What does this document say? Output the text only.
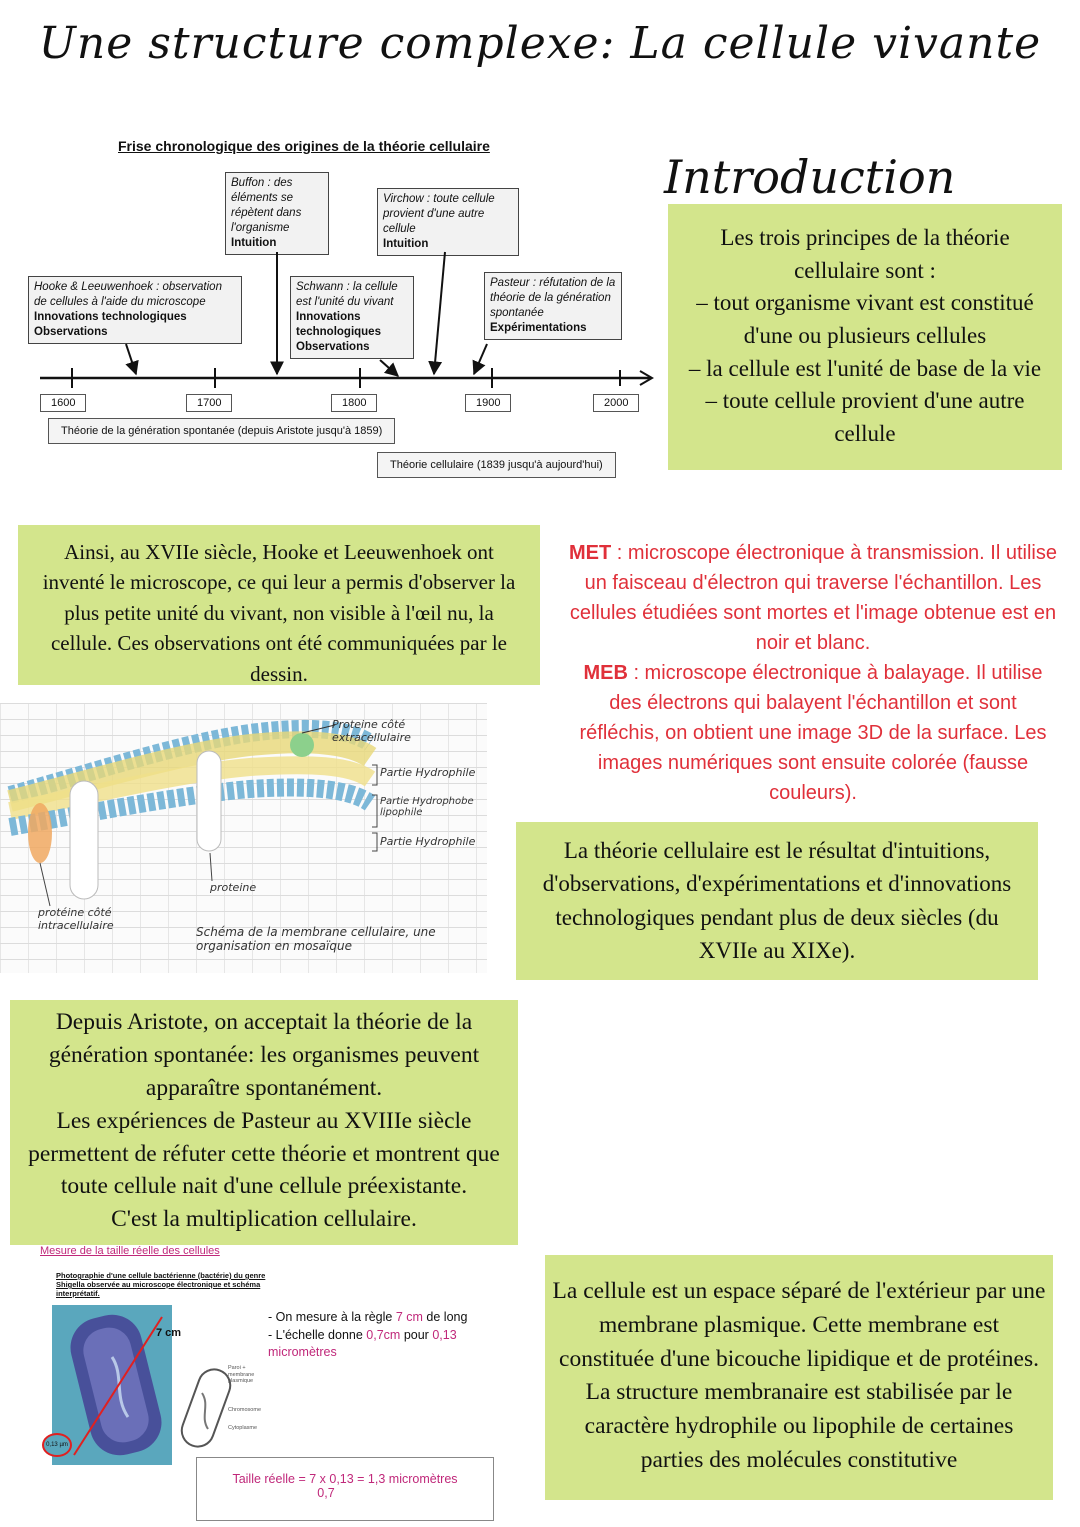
Une structure complexe: La cellule vivante
Frise chronologique des origines de la théorie cellulaire
Buffon : des éléments se répètent dans l'organisme
Intuition
Virchow : toute cellule provient d'une autre cellule
Intuition
Hooke & Leeuwenhoek : observation de cellules à l'aide du microscope
Innovations technologiques Observations
Schwann : la cellule est l'unité du vivant
Innovations technologiques Observations
Pasteur : réfutation de la théorie de la génération spontanée
Expérimentations
1600	1700	1800	1900	2000
Théorie de la génération spontanée (depuis Aristote jusqu'à 1859)
Théorie cellulaire (1839 jusqu'à aujourd'hui)
Introduction
Les trois principes de la théorie cellulaire sont :
– tout organisme vivant est constitué d'une ou plusieurs cellules
– la cellule est l'unité de base de la vie
– toute cellule provient d'une autre cellule
Ainsi, au XVIIe siècle, Hooke et Leeuwenhoek ont inventé le microscope, ce qui leur a permis d'observer la plus petite unité du vivant, non visible à l'œil nu, la cellule. Ces observations ont été communiquées par le dessin.
MET : microscope électronique à transmission. Il utilise un faisceau d'électron qui traverse l'échantillon. Les cellules étudiées sont mortes et l'image obtenue est en noir et blanc.
MEB : microscope électronique à balayage. Il utilise des électrons qui balayent l'échantillon et sont réfléchis, on obtient une image 3D de la surface. Les images numériques sont ensuite colorée (fausse couleurs).
Proteine côté extracellulaire
Partie Hydrophile
Partie Hydrophobe lipophile
Partie Hydrophile
proteine
protéine côté intracellulaire	Schéma de la membrane cellulaire, une organisation en mosaïque
La théorie cellulaire est le résultat d'intuitions, d'observations, d'expérimentations et d'innovations technologiques pendant plus de deux siècles (du XVIIe au XIXe).
Depuis Aristote, on acceptait la théorie de la génération spontanée: les organismes peuvent apparaître spontanément.
Les expériences de Pasteur au XVIIIe siècle permettent de réfuter cette théorie et montrent que toute cellule nait d'une cellule préexistante.
C'est la multiplication cellulaire.
Mesure de la taille réelle des cellules
Photographie d'une cellule bactérienne (bactérie) du genre Shigella observée au microscope électronique et schéma interprétatif.
7 cm
0,13 µm
Paroi + membrane plasmique
Chromosome
Cytoplasme
- On mesure à la règle 7 cm de long
- L'échelle donne 0,7cm pour 0,13 micromètres
Taille réelle = 7 x 0,13 = 1,3 micromètres
0,7
La cellule est un espace séparé de l'extérieur par une membrane plasmique. Cette membrane est constituée d'une bicouche lipidique et de protéines. La structure membranaire est stabilisée par le caractère hydrophile ou lipophile de certaines parties des molécules constitutive
